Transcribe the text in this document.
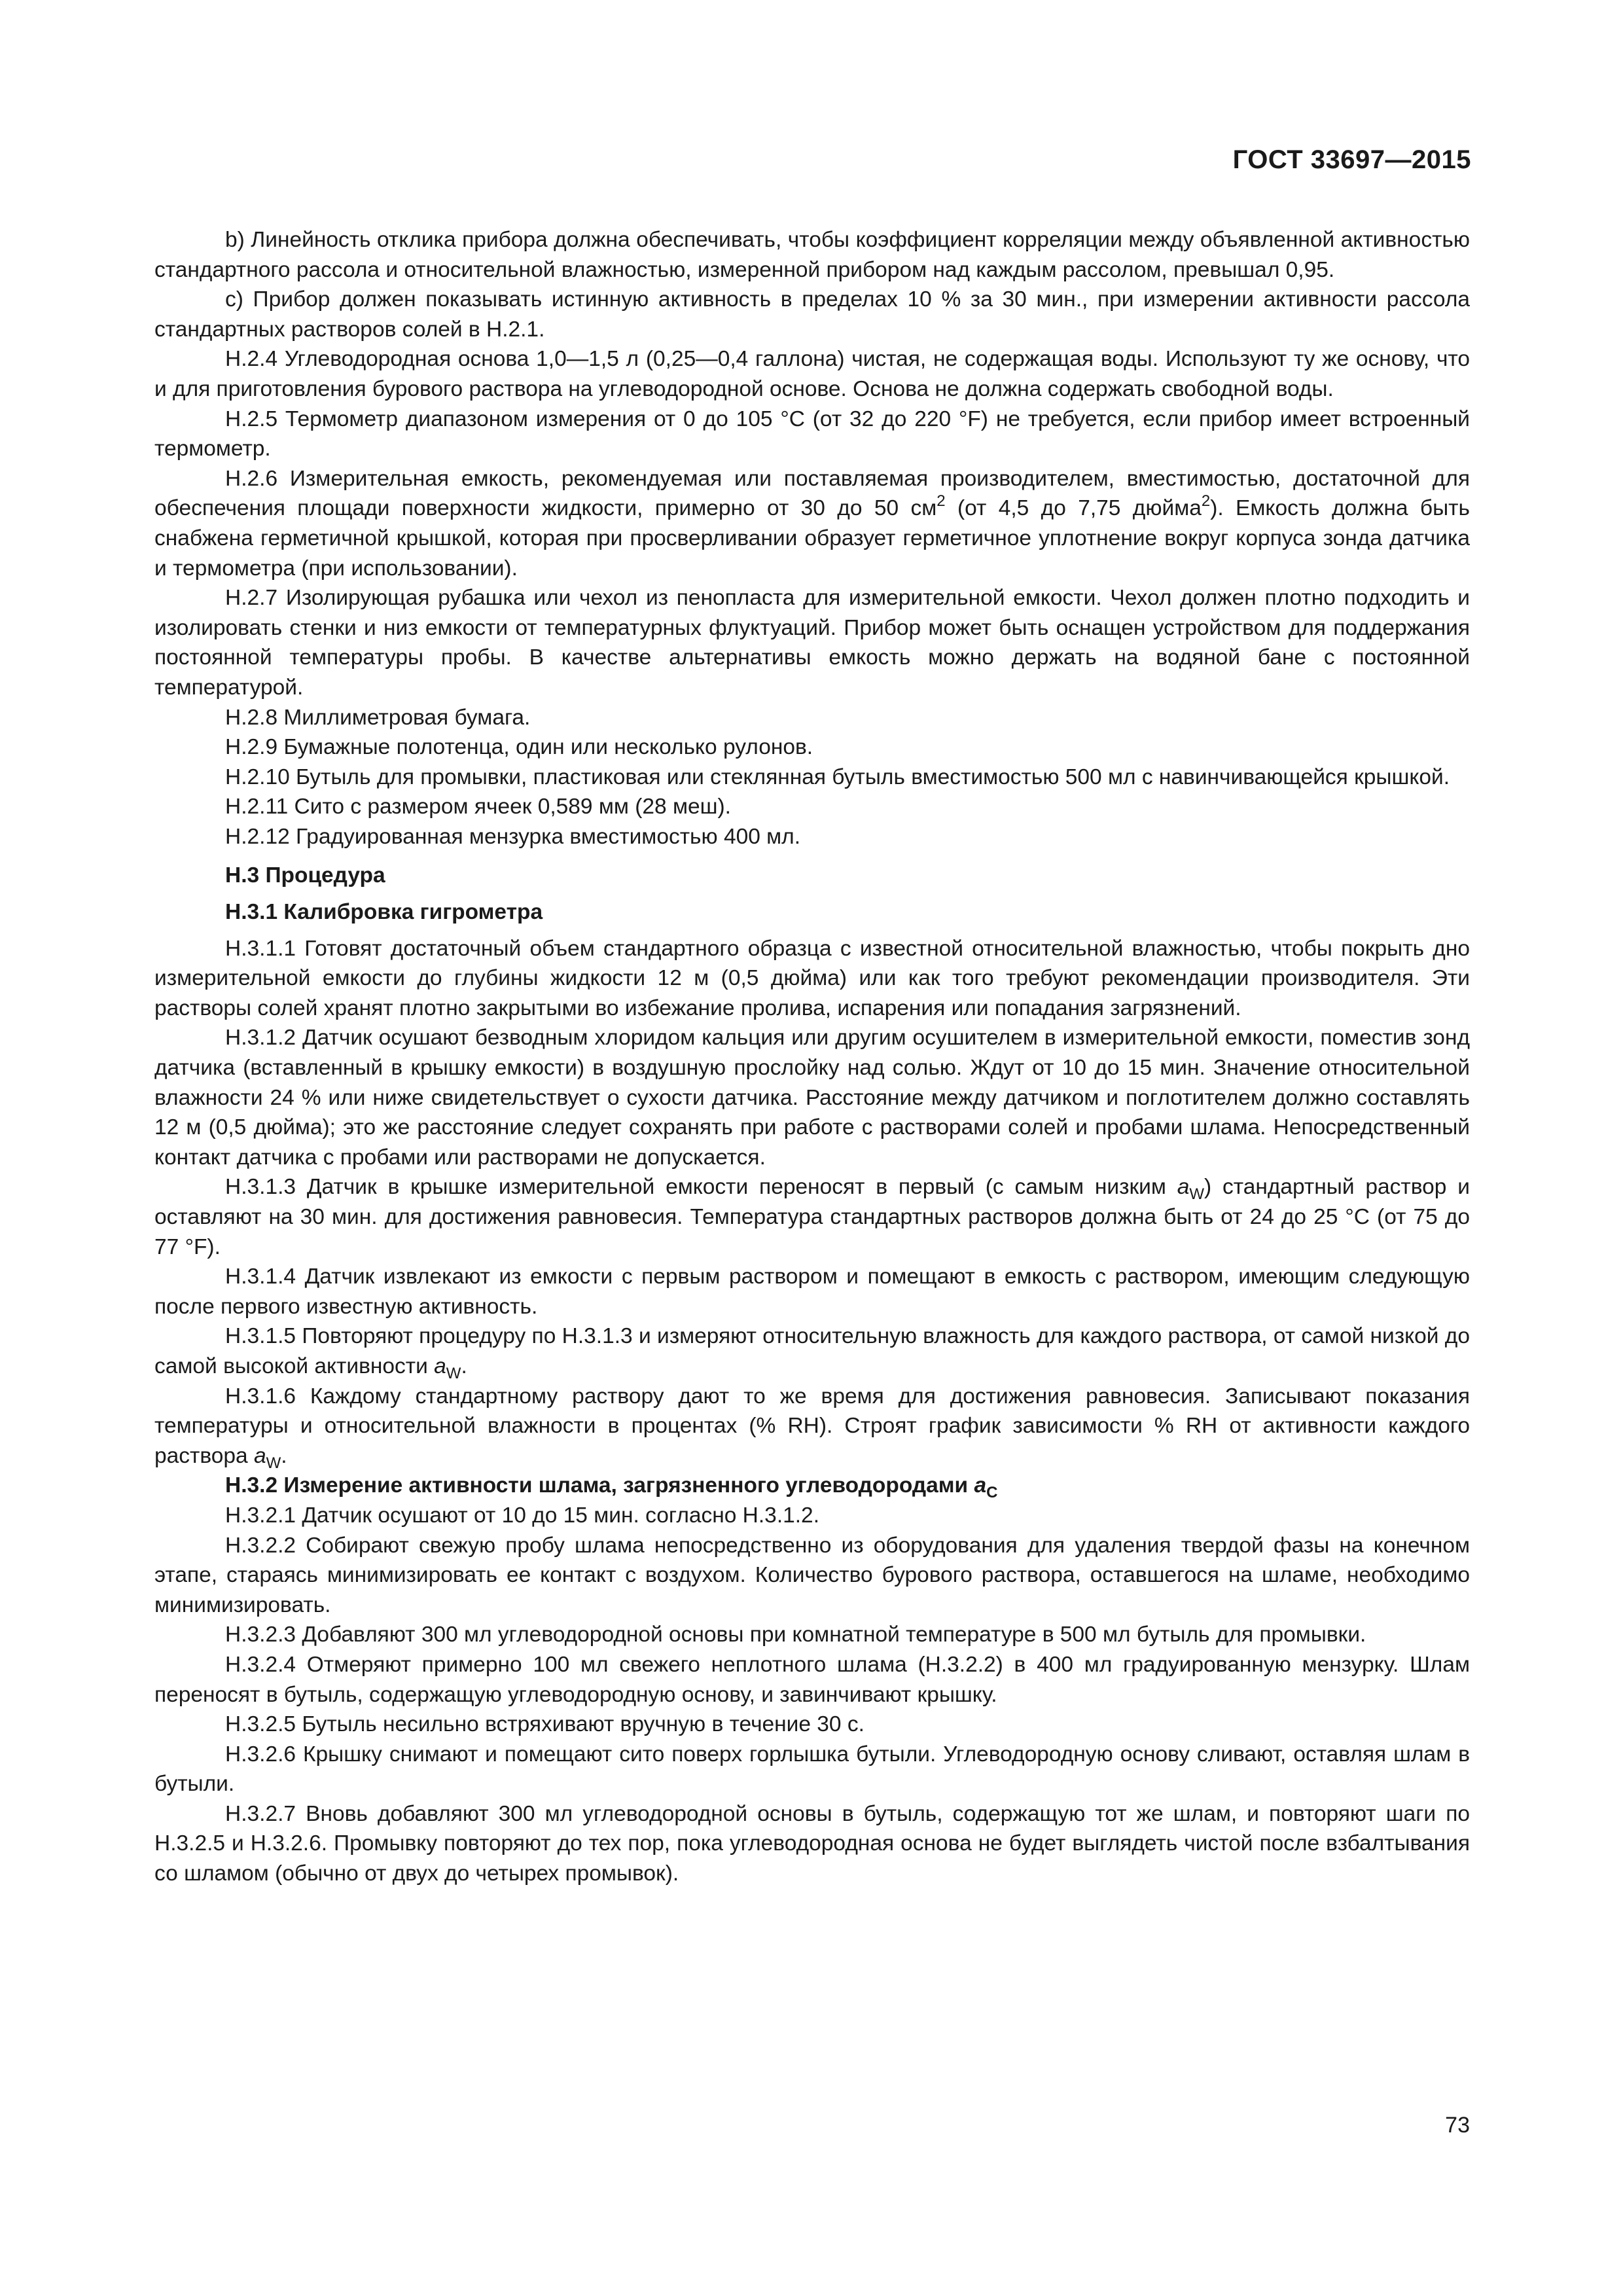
ГОСТ 33697—2015

b) Линейность отклика прибора должна обеспечивать, чтобы коэффициент корреляции между объявленной активностью стандартного рассола и относительной влажностью, измеренной прибором над каждым рассолом, превышал 0,95.

c) Прибор должен показывать истинную активность в пределах 10 % за 30 мин., при измерении активности рассола стандартных растворов солей в Н.2.1.

Н.2.4 Углеводородная основа 1,0—1,5 л (0,25—0,4 галлона) чистая, не содержащая воды. Используют ту же основу, что и для приготовления бурового раствора на углеводородной основе. Основа не должна содержать свободной воды.

Н.2.5 Термометр диапазоном измерения от 0 до 105 °С (от 32 до 220 °F) не требуется, если прибор имеет встроенный термометр.

Н.2.6 Измерительная емкость, рекомендуемая или поставляемая производителем, вместимостью, достаточной для обеспечения площади поверхности жидкости, примерно от 30 до 50 $см^2$ (от 4,5 до 7,75 дюйма$^2$). Емкость должна быть снабжена герметичной крышкой, которая при просверливании образует герметичное уплотнение вокруг корпуса зонда датчика и термометра (при использовании).

Н.2.7 Изолирующая рубашка или чехол из пенопласта для измерительной емкости. Чехол должен плотно подходить и изолировать стенки и низ емкости от температурных флуктуаций. Прибор может быть оснащен устройством для поддержания постоянной температуры пробы. В качестве альтернативы емкость можно держать на водяной бане с постоянной температурой.

Н.2.8 Миллиметровая бумага.

Н.2.9 Бумажные полотенца, один или несколько рулонов.

Н.2.10 Бутыль для промывки, пластиковая или стеклянная бутыль вместимостью 500 мл с навинчивающейся крышкой.

Н.2.11 Сито с размером ячеек 0,589 мм (28 меш).

Н.2.12 Градуированная мензурка вместимостью 400 мл.

Н.3 Процедура

Н.3.1 Калибровка гигрометра

Н.3.1.1 Готовят достаточный объем стандартного образца с известной относительной влажностью, чтобы покрыть дно измерительной емкости до глубины жидкости 12 м (0,5 дюйма) или как того требуют рекомендации производителя. Эти растворы солей хранят плотно закрытыми во избежание пролива, испарения или попадания загрязнений.

Н.3.1.2 Датчик осушают безводным хлоридом кальция или другим осушителем в измерительной емкости, поместив зонд датчика (вставленный в крышку емкости) в воздушную прослойку над солью. Ждут от 10 до 15 мин. Значение относительной влажности 24 % или ниже свидетельствует о сухости датчика. Расстояние между датчиком и поглотителем должно составлять 12 м (0,5 дюйма); это же расстояние следует сохранять при работе с растворами солей и пробами шлама. Непосредственный контакт датчика с пробами или растворами не допускается.

Н.3.1.3 Датчик в крышке измерительной емкости переносят в первый (с самым низким $a_W$) стандартный раствор и оставляют на 30 мин. для достижения равновесия. Температура стандартных растворов должна быть от 24 до 25 °С (от 75 до 77 °F).

Н.3.1.4 Датчик извлекают из емкости с первым раствором и помещают в емкость с раствором, имеющим следующую после первого известную активность.

Н.3.1.5 Повторяют процедуру по Н.3.1.3 и измеряют относительную влажность для каждого раствора, от самой низкой до самой высокой активности $a_W$.

Н.3.1.6 Каждому стандартному раствору дают то же время для достижения равновесия. Записывают показания температуры и относительной влажности в процентах (% RH). Строят график зависимости % RH от активности каждого раствора $a_W$.

Н.3.2 Измерение активности шлама, загрязненного углеводородами $a_C$

Н.3.2.1 Датчик осушают от 10 до 15 мин. согласно Н.3.1.2.

Н.3.2.2 Собирают свежую пробу шлама непосредственно из оборудования для удаления твердой фазы на конечном этапе, стараясь минимизировать ее контакт с воздухом. Количество бурового раствора, оставшегося на шламе, необходимо минимизировать.

Н.3.2.3 Добавляют 300 мл углеводородной основы при комнатной температуре в 500 мл бутыль для промывки.

Н.3.2.4 Отмеряют примерно 100 мл свежего неплотного шлама (Н.3.2.2) в 400 мл градуированную мензурку. Шлам переносят в бутыль, содержащую углеводородную основу, и завинчивают крышку.

Н.3.2.5 Бутыль несильно встряхивают вручную в течение 30 с.

Н.3.2.6 Крышку снимают и помещают сито поверх горлышка бутыли. Углеводородную основу сливают, оставляя шлам в бутыли.

Н.3.2.7 Вновь добавляют 300 мл углеводородной основы в бутыль, содержащую тот же шлам, и повторяют шаги по Н.3.2.5 и Н.3.2.6. Промывку повторяют до тех пор, пока углеводородная основа не будет выглядеть чистой после взбалтывания со шламом (обычно от двух до четырех промывок).

73
